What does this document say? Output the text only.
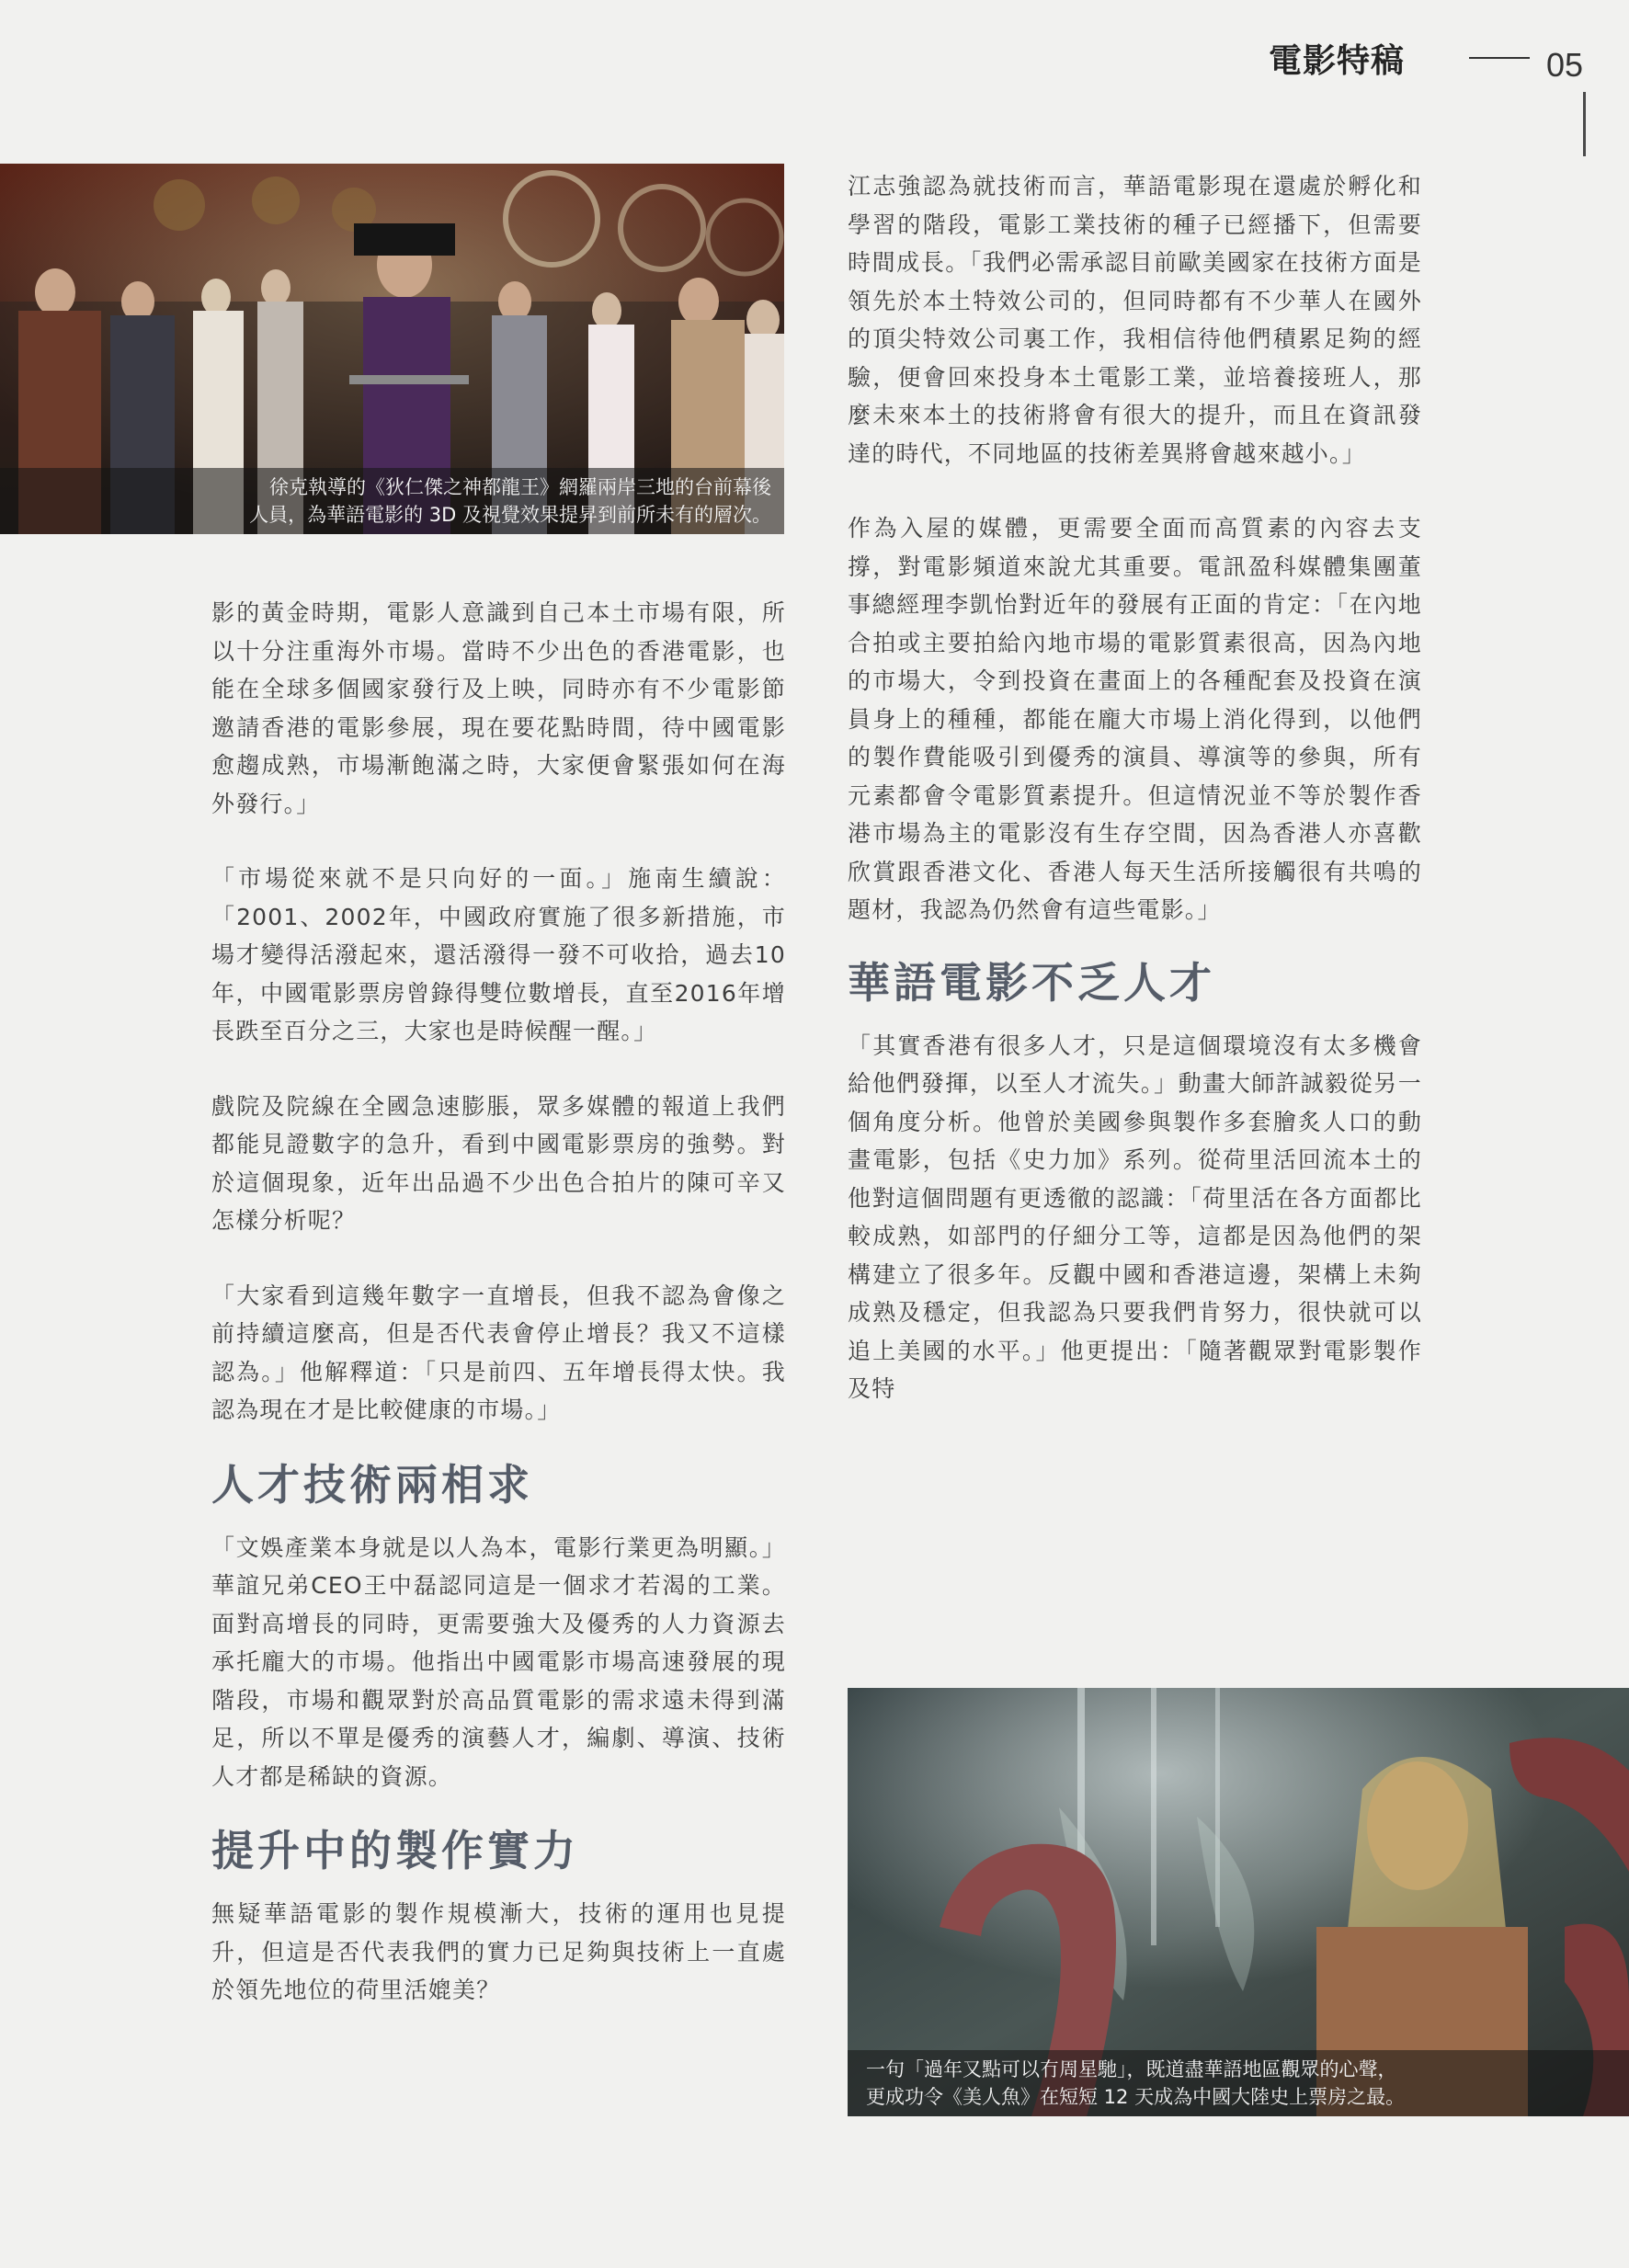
電影特稿	05
徐克執導的《狄仁傑之神都龍王》網羅兩岸三地的台前幕後
人員，為華語電影的 3D 及視覺效果提昇到前所未有的層次。

影的黃金時期，電影人意識到自己本土市場有限，所以十分注重海外市場。當時不少出色的香港電影，也能在全球多個國家發行及上映，同時亦有不少電影節邀請香港的電影參展，現在要花點時間，待中國電影愈趨成熟，市場漸飽滿之時，大家便會緊張如何在海外發行。」

「市場從來就不是只向好的一面。」施南生續說：「2001、2002年，中國政府實施了很多新措施，市場才變得活潑起來，還活潑得一發不可收拾，過去10年，中國電影票房曾錄得雙位數增長，直至2016年增長跌至百分之三，大家也是時候醒一醒。」

戲院及院線在全國急速膨脹，眾多媒體的報道上我們都能見證數字的急升，看到中國電影票房的強勢。對於這個現象，近年出品過不少出色合拍片的陳可辛又怎樣分析呢？

「大家看到這幾年數字一直增長，但我不認為會像之前持續這麼高，但是否代表會停止增長？我又不這樣認為。」他解釋道：「只是前四、五年增長得太快。我認為現在才是比較健康的市場。」

人才技術兩相求

「文娛產業本身就是以人為本，電影行業更為明顯。」華誼兄弟CEO王中磊認同這是一個求才若渴的工業。面對高增長的同時，更需要強大及優秀的人力資源去承托龐大的市場。他指出中國電影市場高速發展的現階段，市場和觀眾對於高品質電影的需求遠未得到滿足，所以不單是優秀的演藝人才，編劇、導演、技術人才都是稀缺的資源。

提升中的製作實力

無疑華語電影的製作規模漸大，技術的運用也見提升，但這是否代表我們的實力已足夠與技術上一直處於領先地位的荷里活媲美？

江志強認為就技術而言，華語電影現在還處於孵化和學習的階段，電影工業技術的種子已經播下，但需要時間成長。「我們必需承認目前歐美國家在技術方面是領先於本土特效公司的，但同時都有不少華人在國外的頂尖特效公司裏工作，我相信待他們積累足夠的經驗，便會回來投身本土電影工業，並培養接班人，那麼未來本土的技術將會有很大的提升，而且在資訊發達的時代，不同地區的技術差異將會越來越小。」

作為入屋的媒體，更需要全面而高質素的內容去支撐，對電影頻道來說尤其重要。電訊盈科媒體集團董事總經理李凱怡對近年的發展有正面的肯定：「在內地合拍或主要拍給內地市場的電影質素很高，因為內地的市場大，令到投資在畫面上的各種配套及投資在演員身上的種種，都能在龐大市場上消化得到，以他們的製作費能吸引到優秀的演員、導演等的參與，所有元素都會令電影質素提升。但這情況並不等於製作香港市場為主的電影沒有生存空間，因為香港人亦喜歡欣賞跟香港文化、香港人每天生活所接觸很有共鳴的題材，我認為仍然會有這些電影。」

華語電影不乏人才

「其實香港有很多人才，只是這個環境沒有太多機會給他們發揮，以至人才流失。」動畫大師許誠毅從另一個角度分析。他曾於美國參與製作多套膾炙人口的動畫電影，包括《史力加》系列。從荷里活回流本土的他對這個問題有更透徹的認識：「荷里活在各方面都比較成熟，如部門的仔細分工等，這都是因為他們的架構建立了很多年。反觀中國和香港這邊，架構上未夠成熟及穩定，但我認為只要我們肯努力，很快就可以追上美國的水平。」他更提出：「隨著觀眾對電影製作及特

一句「過年又點可以冇周星馳」，既道盡華語地區觀眾的心聲，
更成功令《美人魚》在短短 12 天成為中國大陸史上票房之最。
